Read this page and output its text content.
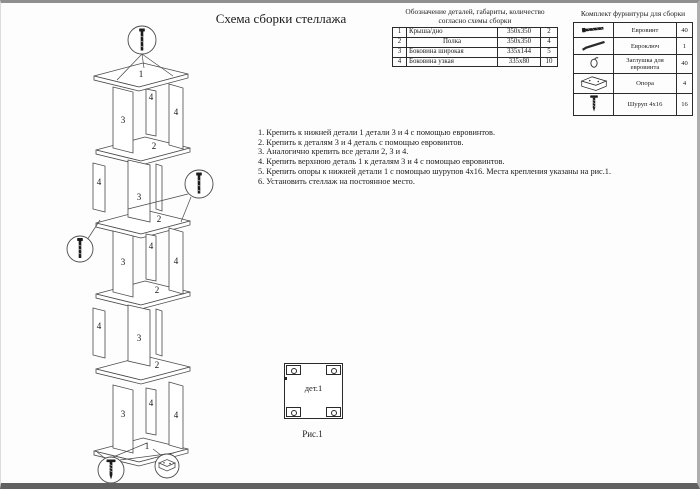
1
3
4
4
2
4
3
2
3
4
4
2
4
3
2
3
4
4
1
Схема сборки стеллажа	Обозначение деталей, габариты, количество
согласно схемы сборки
1	Крыша/дно	350х350	2
2	Полка	350х350	4
3	Боковина широкая	335х144	5
4	Боковина узкая	335х80	10
Комплект фурнитуры для сборки
	Евровинт	40
	Евроключ	1
	Заглушка для евровинта	40
	Опора	4
	Шуруп 4х16	16
1. Крепить к нижней детали 1 детали 3 и 4 с помощью евровинтов.
2. Крепить к деталям 3 и 4 деталь с помощью евровинтов.
3. Аналогично крепить все детали 2, 3 и 4.
4. Крепить верхнюю деталь 1 к деталям 3 и 4 с помощью евровинтов.
5. Крепить опоры к нижней детали 1 с помощью шурупов 4х16. Места крепления указаны на рис.1.
6. Установить стеллаж на постоянное место.
дет.1
Рис.1
